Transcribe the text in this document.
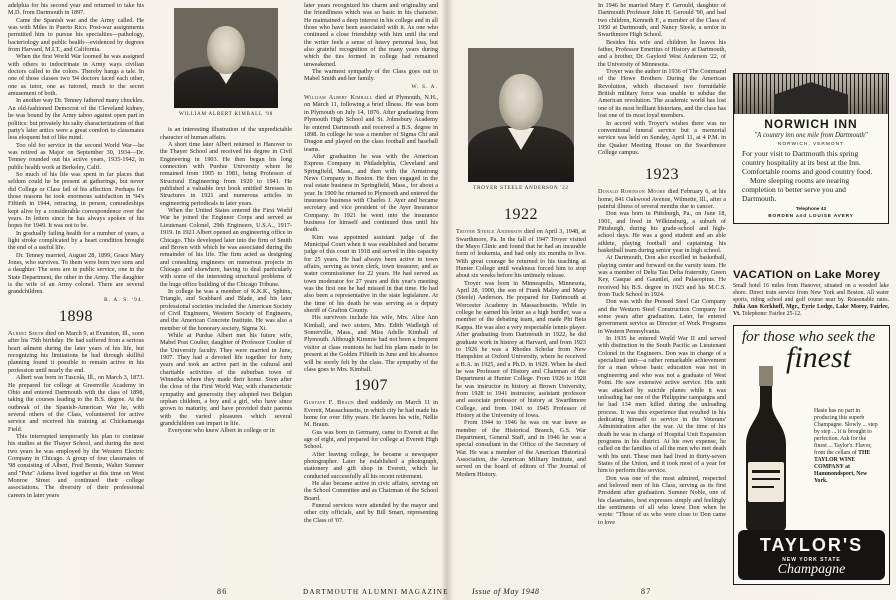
adelphia for his second year and returned to take his M.D. from Dartmouth in 1897.

Came the Spanish war and the Army called. He was with Miles in Puerto Rico. Post-war assignments permitted him to pursue his specialties—pathology, bacteriology and public health—evidenced by degrees from Harvard, M.I.T., and California.

When the first World War loomed he was assigned with others to indoctrinate in Army ways civilian doctors called to the colors. Thereby hangs a tale. In one of those classes two '94 doctors faced each other, one as tutor, one as tutored, much to the secret amusement of both.

In another way Dr. Tenney fathered many chuckles. An old-fashioned Democrat of the Cleveland kidney, he was bound by the Army taboo against open part in politics: but privately his salty characterizations of that party's later antics were a great comfort to classmates less eloquent but of like mind.

Too old for service in the second World War—he was retired as Major on September 30, 1934—Dr. Tenney rounded out his active years, 1935-1942, in public health work at Berkeley, Calif.

So much of his life was spent in far places that seldom could he be present at gatherings, but never did College or Class fail of his affection. Perhaps for those reasons he took enormous satisfaction in '94's Fiftieth in 1944, retracing, in person, comradeships kept alive by a considerable correspondence over the years. In letters since he has always spoken of his hopes for 1949. It was not to be.

In gradually failing health for a number of years, a light stroke complicated by a heart condition brought the end of a useful life.

Dr. Tenney married, August 28, 1899, Grace Mary Jones, who survives. To them were born two sons and a daughter. The sons are in public service, one in the State Department, the other in the Army. The daughter is the wife of an Army colonel. There are several grandchildren.

B. A. S. '94.

1898

Albert Smith died on March 9, at Evanston, Ill., soon after his 75th birthday. He had suffered from a serious heart ailment during the later years of his life, but recognizing his limitations he had through skillful planning found it possible to remain active in his profession until nearly the end.

Albert was born in Tuscola, Ill., on March 3, 1873. He prepared for college at Greenville Academy in Ohio and entered Dartmouth with the class of 1898, taking the courses leading to the B.S. degree. At the outbreak of the Spanish-American War he, with several others of the Class, volunteered for active service and received his training at Chickamauga Field.

This interrupted temporarily his plan to continue his studies at the Thayer School, and during the next two years he was employed by the Western Electric Company in Chicago. A group of four classmates of '98 consisting of Albert, Fred Bonnis, Walter Sumner and "Pete" Adams lived together at this time on West Monroe Street and continued their college associations. The diversity of their professional careers in later years

WILLIAM ALBERT KIMBALL '98

is an interesting illustration of the unpredictable character of human affairs.

A short time later Albert returned to Hanover to the Thayer School and received his degree in Civil Engineering in 1903. He then began his long connection with Purdue University where he remained from 1905 to 1981, being Professor of Structural Engineering from 1920 to 1941. He published a valuable text book entitled Stresses in Structures in 1921 and numerous articles in engineering periodicals in later years.

When the United States entered the First World War he joined the Engineer Corps and served as Lieutenant Colonel, 29th Engineers, U.S.A., 1917-1919. In 1921 Albert opened an engineering office in Chicago. This developed later into the firm of Smith and Brown with which he was associated during the remainder of his life. The firm acted as designing and consulting engineers on numerous projects in Chicago and elsewhere, having to deal particularly with some of the interesting structural problems of the huge office building of the Chicago Tribune.

In college he was a member of K.K.K., Sphinx, Triangle, and Scabbard and Blade, and his later professional societies included the American Society of Civil Engineers, Western Society of Engineers, and the American Concrete Institute. He was also a member of the honorary society, Sigma Xi.

While at Purdue Albert met his future wife, Mabel Post Coulter, daughter of Professor Coulter of the University faculty. They were married in June, 1907. They had a devoted life together for forty years and took an active part in the cultural and charitable activities of the suburban town of Winnetka where they made their home. Soon after the close of the First World War, with characteristic sympathy and generosity they adopted two Belgian orphan children, a boy and a girl, who have since grown to maturity, and have provided their parents with the varied pleasures which several grandchildren can impart in life.

Everyone who knew Albert in college or in

later years recognized his charm and originality and the friendliness which was so basic in his character. He maintained a deep interest in his college and in all those who have been associated with it. As one who continued a close friendship with him until the end the writer feels a sense of heavy personal loss, but also grateful recognition of the many years during which the ties formed in college had remained unweakened.

The warmest sympathy of the Class goes out to Mabel Smith and her family.

W. S. A.

William Albert Kimball died at Plymouth, N.H., on March 11, following a brief illness. He was born in Plymouth on July 14, 1876. After graduating from Plymouth High School and St. Johnsbury Academy he entered Dartmouth and received a B.S. degree in 1898. In college he was a member of Sigma Chi and Dragon and played on the class football and baseball teams.

After graduation he was with the American Express Company in Philadelphia, Cleveland and Springfield, Mass., and then with the Armstrong News Company in Boston. He then engaged in the real estate business in Springfield, Mass., for about a year. In 1900 he returned to Plymouth and entered the insurance business with Charles J. Ayer and became secretary and vice president of the Ayer Insurance Company. In 1921 he went into the insurance business for himself and continued thus until his death.

Kim was appointed assistant judge of the Municipal Court when it was established and became judge of this court in 1918 and served in this capacity for 25 years. He had always been active in town affairs, serving as town clerk, town treasurer, and as water commissioner for 22 years. He had served as town moderator for 27 years and this year's meeting was the first one he had missed in that time. He had also been a representative in the state legislature. At the time of his death he was serving as a deputy sheriff of Grafton County.

His survivors include his wife, Mrs. Alice Ann Kimball, and two sisters, Mrs. Edith Wadleigh of Somerville, Mass., and Miss Adelle Kimball of Plymouth. Although Kimmie had not been a frequent visitor at class reunions he had his plans made to be present at the Golden Fiftieth in June and his absence will be sorely felt by the class. The sympathy of the class goes to Mrs. Kimball.

1907

Gustave F. Braun died suddenly on March 11 in Everett, Massachusetts, in which city he had made his home for over fifty years. He leaves his wife, Nellie M. Braun.

Gus was born in Germany, came to Everett at the age of eight, and prepared for college at Everett High School.

After leaving college, he became a newspaper photographer. Later he established a photograph, stationery and gift shop in Everett, which he conducted successfully all his recent retirement.

He also became active in civic affairs, serving on the School Committee and as Chairman of the School Board.

Funeral services were attended by the mayor and other city officials, and by Bill Smart, representing the Class of '07.

86	DARTMOUTH ALUMNI MAGAZINE
TROYER STEELE ANDERSON '22
1922

Troyer Steele Anderson died on April 3, 1948, at Swarthmore, Pa. In the fall of 1947 Troyer visited the Mayo Clinic and found that he had an incurable form of leukemia, and had only six months to live. With great courage he returned to his teaching at Hunter College until weakness forced him to stop about six weeks before his untimely release.

Troyer was born in Minneapolis, Minnesota, April 28, 1900, the son of Frank Maloy and Mary (Steele) Anderson. He prepared for Dartmouth at Worcester Academy in Massachusetts. While in college he earned his letter as a high hurdler, was a member of the debating team, and made Phi Beta Kappa. He was also a very respectable tennis player. After graduating from Dartmouth in 1922, he did graduate work in history at Harvard, and from 1923 to 1926 he was a Rhodes Scholar from New Hampshire at Oxford University, where he received a B.A. in 1925, and a Ph.D. in 1929. When he died he was Professor of History and Chairman of the Department at Hunter College. From 1926 to 1928 he was instructor in history at Brown University, from 1928 to 1941 instructor, assistant professor and associate professor of history at Swarthmore College, and from 1941 to 1945 Professor of History at the University of Iowa.

From 1944 to 1946 he was on war leave as member of the Historical Branch, G.S. War Department, General Staff, and in 1946 he was a special consultant in the Office of the Secretary of War. He was a member of the American Historical Association, the American Military Institute, and served on the board of editors of The Journal of Modern History.

In 1946 he married Mary F. Gerould, daughter of Dartmouth Professor John H. Gerould '90, and had two children, Kenneth F., a member of the Class of 1950 at Dartmouth, and Nancy Steele, a senior in Swarthmore High School.

Besides his wife and children he leaves his father, Professor Emeritus of History at Dartmouth, and a brother, Dr. Gaylord West Anderson '22, of the University of Minnesota.

Troyer was the author in 1936 of The Command of the Howe Brothers During the American Revolution, which discussed two formidable British military force was unable to subdue the American revolution. The academic world has lost one of its most brilliant historians, and the class has lost one of its most loyal members.

In accord with Troyer's wishes there was no conventional funeral service but a memorial service was held on Sunday, April 11, at 4 P.M. in the Quaker Meeting House on the Swarthmore College campus.

1923

Donald Robinson Moore died February 6, at his home, 841 Oakwood Avenue, Wilmette, Ill., after a painful illness of several months due to cancer.

Don was born in Pittsburgh, Pa., on June 18, 1901, and lived in Wilkinsburg, a suburb of Pittsburgh, during his grade-school and high-school days. He was a good student and an able athlete, playing football and captaining his basketball team during senior year in high school.

At Dartmouth, Don also excelled in basketball, playing center and forward on the varsity team. He was a member of Delta Tau Delta fraternity, Green Key, Casque and Gauntlet, and Palaeopitus. He received his B.S. degree in 1923 and his M.C.S. from Tuck School in 1924.

Don was with the Pressed Steel Car Company and the Western Steel Construction Company for some years after graduation. Later, he entered government service as Director of Work Programs in Western Pennsylvania.

In 1935 he entered World War II and served with distinction in the South Pacific as Lieutenant Colonel in the Engineers. Don was in charge of a specialized unit—a rather remarkable achievement for a man whose basic education was not in engineering and who was not a graduate of West Point. He saw extensive active service. His unit was attacked by suicide planes while it was unloading bar one of the Philippine campaigns and he had 134 men killed during the unloading process. It was this experience that resulted in his dedicating himself to service in the Veterans' Administration after the war. At the time of his death he was in charge of Hospital Unit Expansion programs in his district. At his own expense, he called on the families of all the men who met death with his unit. These men had lived in thirty-seven States of the Union, and it took most of a year for him to perform this service.

Don was one of the most admired, respected and beloved men of his Class, serving as its first President after graduation. Sumner Noble, one of his classmates, best expresses simply and feelingly the sentiments of all who knew Don when he wrote: "Those of us who were close to Don came to love

Issue of May 1948	87
NORWICH INN
"A country inn one mile from Dartmouth"
NORWICH, VERMONT
For your visit to Dartmouth this spring country hospitality at its best at the Inn. Comfortable rooms and good country food.
More sleeping rooms are nearing completion to better serve you and Dartmouth.
Telephone 43
BORDEN and LOUISE AVERY
VACATION on Lake Morey
Small hotel 16 miles from Hanover, situated on a wooded lake shore. Direct train service from New York and Boston. All water sports, riding school and golf course near by. Reasonable rates. Julia Ann Kerkhoff, Mgr., Eyrie Lodge, Lake Morey, Fairlee, Vt. Telephone: Fairlee 25-12.
for those who seek the
finest
Haste has no part in producing this superb Champagne. Slowly ... step by step ... it is brought to perfection. Ask for the finest ... Taylor's. Flavor, from the cellars of THE TAYLOR WINE COMPANY at Hammondsport, New York.
TAYLOR'S
NEW YORK STATE
Champagne
